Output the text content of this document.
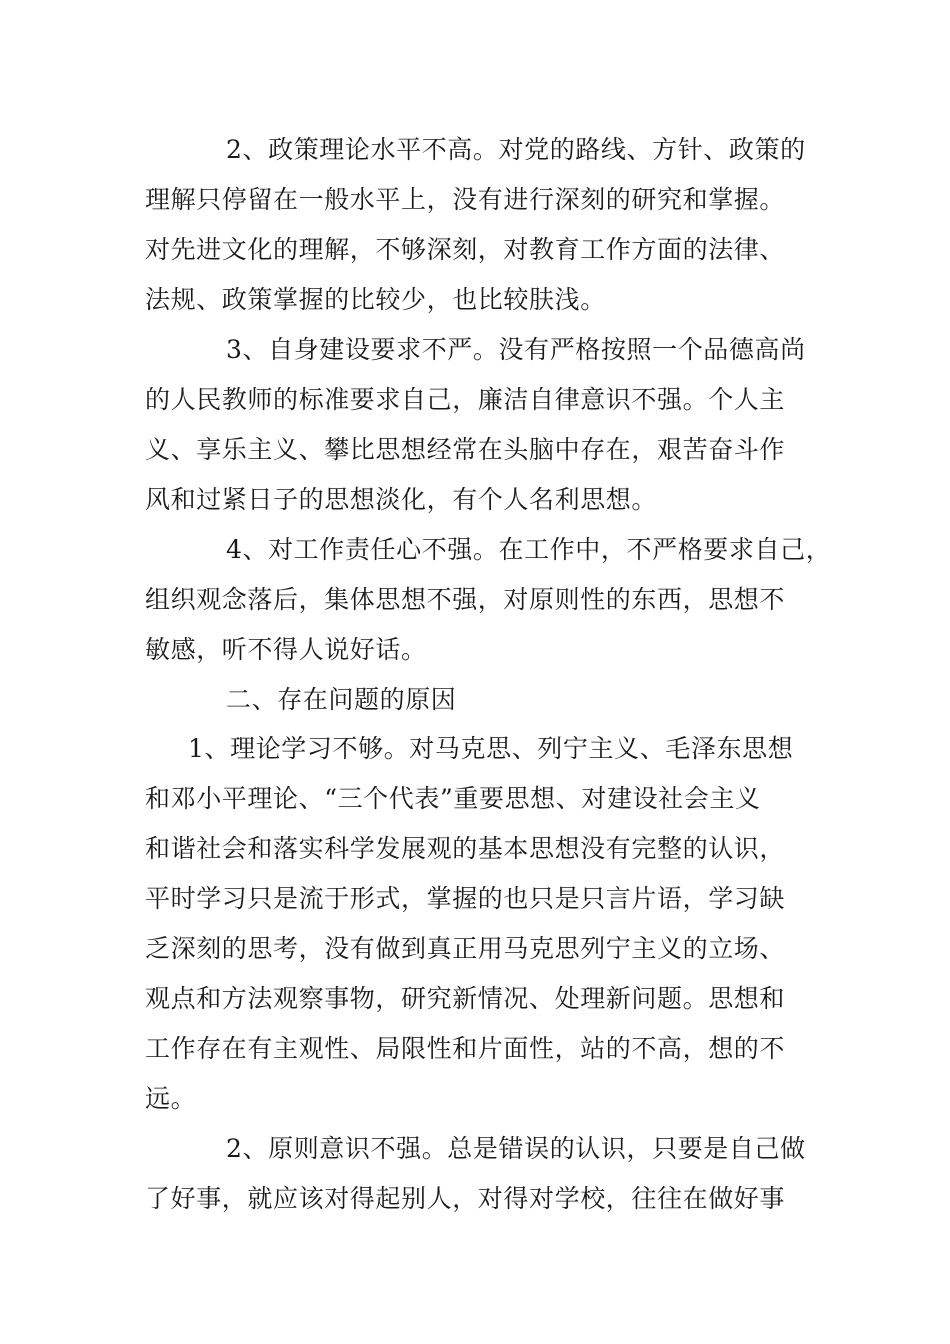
2、政策理论水平不高。对党的路线、方针、政策的
理解只停留在一般水平上，没有进行深刻的研究和掌握。
对先进文化的理解，不够深刻，对教育工作方面的法律、
法规、政策掌握的比较少，也比较肤浅。
3、自身建设要求不严。没有严格按照一个品德高尚
的人民教师的标准要求自己，廉洁自律意识不强。个人主
义、享乐主义、攀比思想经常在头脑中存在，艰苦奋斗作
风和过紧日子的思想淡化，有个人名利思想。
4、对工作责任心不强。在工作中，不严格要求自己，
组织观念落后，集体思想不强，对原则性的东西，思想不
敏感，听不得人说好话。
二、存在问题的原因
1、理论学习不够。对马克思、列宁主义、毛泽东思想
和邓小平理论、“三个代表”重要思想、对建设社会主义
和谐社会和落实科学发展观的基本思想没有完整的认识，
平时学习只是流于形式，掌握的也只是只言片语，学习缺
乏深刻的思考，没有做到真正用马克思列宁主义的立场、
观点和方法观察事物，研究新情况、处理新问题。思想和
工作存在有主观性、局限性和片面性，站的不高，想的不
远。
2、原则意识不强。总是错误的认识，只要是自己做
了好事，就应该对得起别人，对得对学校，往往在做好事
